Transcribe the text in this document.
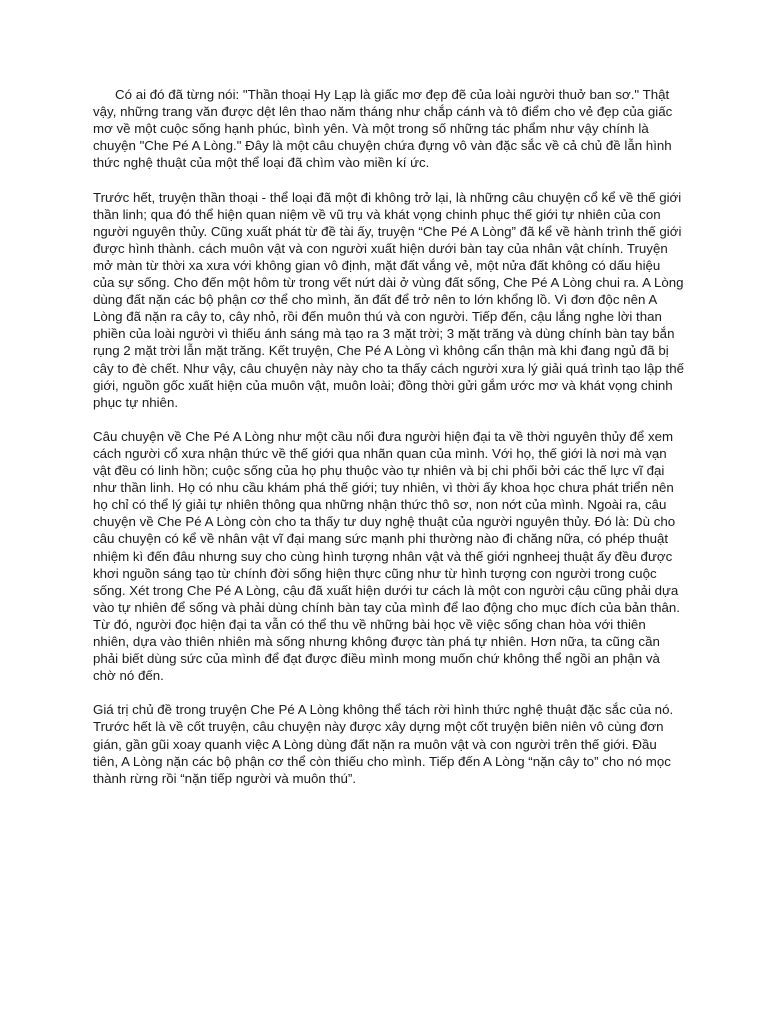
Có ai đó đã từng nói: "Thần thoại Hy Lạp là giấc mơ đẹp đẽ của loài người thuở ban sơ." Thật vậy, những trang văn được dệt lên thao năm tháng như chắp cánh và tô điểm cho vẻ đẹp của giấc mơ về một cuộc sống hạnh phúc, bình yên. Và một trong số những tác phẩm như vậy chính là chuyện "Che Pé A Lòng." Đây là một câu chuyện chứa đựng vô vàn đặc sắc về cả chủ đề lẫn hình thức nghệ thuật của một thể loại đã chìm vào miền kí ức.

Trước hết, truyện thần thoại - thể loại đã một đi không trở lại, là những câu chuyện cổ kể về thế giới thần linh; qua đó thể hiện quan niệm về vũ trụ và khát vọng chinh phục thế giới tự nhiên của con người nguyên thủy. Cũng xuất phát từ đề tài ấy, truyện “Che Pé A Lòng” đã kể về hành trình thế giới được hình thành. cách muôn vật và con người xuất hiện dưới bàn tay của nhân vật chính. Truyện mở màn từ thời xa xưa với không gian vô định, mặt đất vắng vẻ, một nửa đất không có dấu hiệu của sự sống. Cho đến một hôm từ trong vết nứt dài ở vùng đất sống, Che Pé A Lòng chui ra. A Lòng dùng đất nặn các bộ phận cơ thể cho mình, ăn đất để trở nên to lớn khổng lồ. Vì đơn độc nên A Lòng đã nặn ra cây to, cây nhỏ, rồi đến muôn thú và con người. Tiếp đến, cậu lắng nghe lời than phiền của loài người vì thiếu ánh sáng mà tạo ra 3 mặt trời; 3 mặt trăng và dùng chính bàn tay bắn rụng 2 mặt trời lẫn mặt trăng. Kết truyện, Che Pé A Lòng vì không cẩn thận mà khi đang ngủ đã bị cây to đè chết. Như vậy, câu chuyện này này cho ta thấy cách người xưa lý giải quá trình tạo lập thế giới, nguồn gốc xuất hiện của muôn vật, muôn loài; đồng thời gửi gắm ước mơ và khát vọng chinh phục tự nhiên.

Câu chuyện về Che Pé A Lòng như một cầu nối đưa người hiện đại ta về thời nguyên thủy để xem cách người cổ xưa nhận thức về thế giới qua nhãn quan của mình. Với họ, thế giới là nơi mà vạn vật đều có linh hồn; cuộc sống của họ phụ thuộc vào tự nhiên và bị chi phối bởi các thế lực vĩ đại như thần linh. Họ có nhu cầu khám phá thế giới; tuy nhiên, vì thời ấy khoa học chưa phát triển nên họ chỉ có thể lý giải tự nhiên thông qua những nhận thức thô sơ, non nớt của mình. Ngoài ra, câu chuyện về Che Pé A Lòng còn cho ta thấy tư duy nghệ thuật của người nguyên thủy. Đó là: Dù cho câu chuyện có kể về nhân vật vĩ đại mang sức mạnh phi thường nào đi chăng nữa, có phép thuật nhiệm kì đến đâu nhưng suy cho cùng hình tượng nhân vật và thế giới ngnheej thuật ấy đều được khơi nguồn sáng tạo từ chính đời sống hiện thực cũng như từ hình tượng con người trong cuộc sống. Xét trong Che Pé A Lòng, cậu đã xuất hiện dưới tư cách là một con người cậu cũng phải dựa vào tự nhiên để sống và phải dùng chính bàn tay của mình để lao động cho mục đích của bản thân. Từ đó, người đọc hiện đại ta vẫn có thể thu về những bài học về việc sống chan hòa với thiên nhiên, dựa vào thiên nhiên mà sống nhưng không được tàn phá tự nhiên. Hơn nữa, ta cũng cần phải biết dùng sức của mình để đạt được điều mình mong muốn chứ không thể ngồi an phận và chờ nó đến.

Giá trị chủ đề trong truyện Che Pé A Lòng không thể tách rời hình thức nghệ thuật đặc sắc của nó. Trước hết là về cốt truyện, câu chuyện này được xây dựng một cốt truyện biên niên vô cùng đơn gián, gần gũi xoay quanh việc A Lòng dùng đất nặn ra muôn vật và con người trên thế giới. Đầu tiên, A Lòng nặn các bộ phận cơ thể còn thiếu cho mình. Tiếp đến A Lòng “nặn cây to” cho nó mọc thành rừng rồi “nặn tiếp người và muôn thú”.
